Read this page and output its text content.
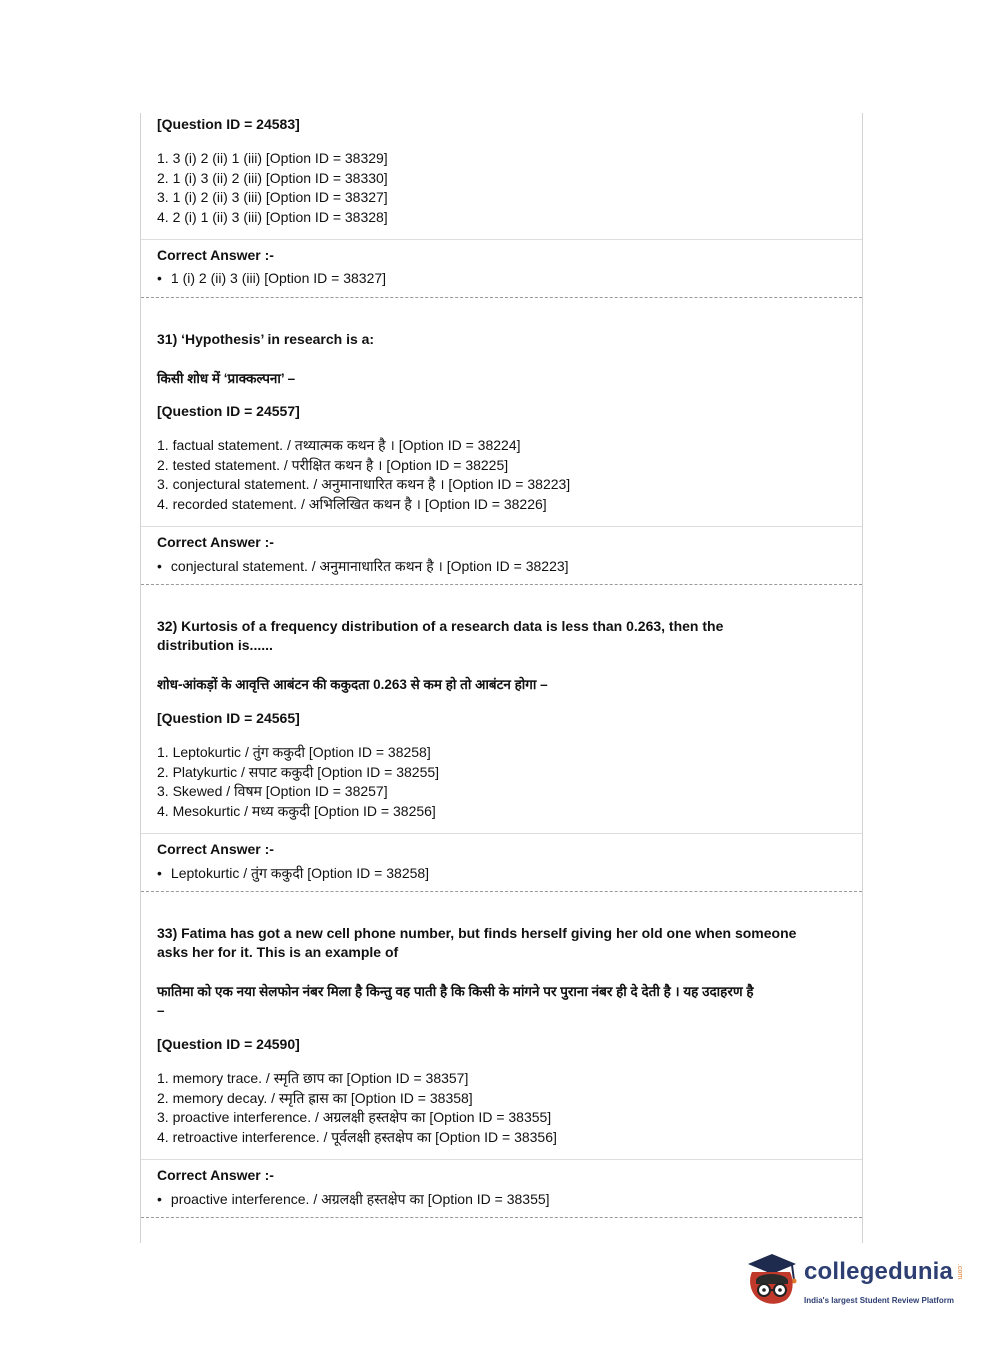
[Question ID = 24583]
1. 3 (i) 2 (ii) 1 (iii) [Option ID = 38329]
2. 1 (i) 3 (ii) 2 (iii) [Option ID = 38330]
3. 1 (i) 2 (ii) 3 (iii) [Option ID = 38327]
4. 2 (i) 1 (ii) 3 (iii) [Option ID = 38328]
Correct Answer :-
• 1 (i) 2 (ii) 3 (iii) [Option ID = 38327]
31) ‘Hypothesis’ in research is a:
किसी शोध में ‘प्राक्कल्पना’ –
[Question ID = 24557]
1. factual statement. / तथ्यात्मक कथन है । [Option ID = 38224]
2. tested statement. / परीक्षित कथन है । [Option ID = 38225]
3. conjectural statement. / अनुमानाधारित कथन है । [Option ID = 38223]
4. recorded statement. / अभिलिखित कथन है । [Option ID = 38226]
Correct Answer :-
• conjectural statement. / अनुमानाधारित कथन है । [Option ID = 38223]
32) Kurtosis of a frequency distribution of a research data is less than 0.263, then the
distribution is......
शोध-आंकड़ों के आवृत्ति आबंटन की ककुदता 0.263 से कम हो तो आबंटन होगा –
[Question ID = 24565]
1. Leptokurtic / तुंग ककुदी [Option ID = 38258]
2. Platykurtic / सपाट ककुदी [Option ID = 38255]
3. Skewed / विषम [Option ID = 38257]
4. Mesokurtic / मध्य ककुदी [Option ID = 38256]
Correct Answer :-
• Leptokurtic / तुंग ककुदी [Option ID = 38258]
33) Fatima has got a new cell phone number, but finds herself giving her old one when someone
asks her for it. This is an example of
फातिमा को एक नया सेलफोन नंबर मिला है किन्तु वह पाती है कि किसी के मांगने पर पुराना नंबर ही दे देती है । यह उदाहरण है
–
[Question ID = 24590]
1. memory trace. / स्मृति छाप का [Option ID = 38357]
2. memory decay. / स्मृति ह्रास का [Option ID = 38358]
3. proactive interference. / अग्रलक्षी हस्तक्षेप का [Option ID = 38355]
4. retroactive interference. / पूर्वलक्षी हस्तक्षेप का [Option ID = 38356]
Correct Answer :-
• proactive interference. / अग्रलक्षी हस्तक्षेप का [Option ID = 38355]
collegedunia .com
India's largest Student Review Platform
